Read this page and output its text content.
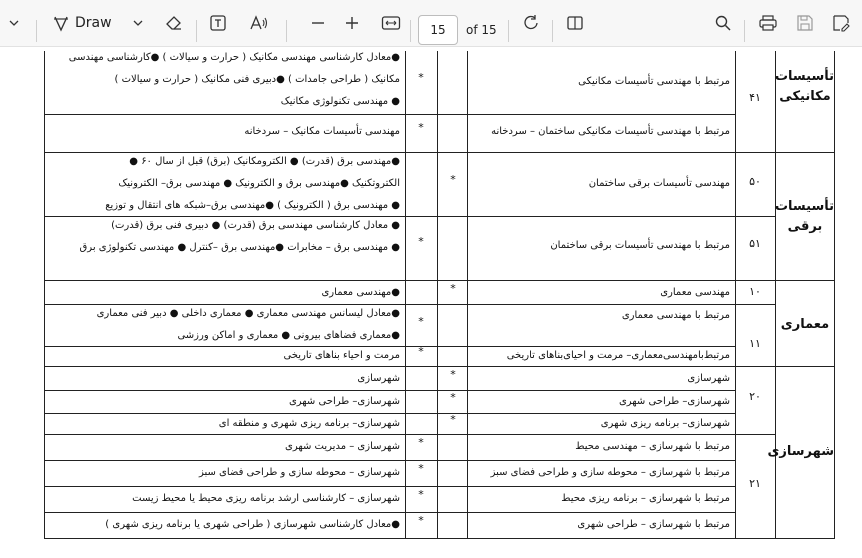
Draw	15	of 15
تأسیسات مکانیکی
۴۱
مرتبط با مهندسی تأسیسات مکانیکی
مرتبط با مهندسی تأسیسات مکانیکی ساختمان – سردخانه
*
*
●معادل کارشناسی مهندسی مکانیک ( حرارت و سیالات ) ●کارشناسی مهندسی
مکانیک ( طراحی جامدات ) ●دبیری فنی مکانیک ( حرارت و سیالات )
● مهندسی تکنولوژی مکانیک
مهندسی تأسیسات مکانیک – سردخانه
تأسیسات برقی
۵۰
مهندسی تأسیسات برقی ساختمان
*
●مهندسی برق (قدرت) ● الکترومکانیک (برق) قبل از سال ۶۰ ●
الکتروتکنیک ●مهندسی برق و الکترونیک ● مهندسی برق– الکترونیک
● مهندسی برق ( الکترونیک ) ●مهندسی برق–شبکه های انتقال و توزیع
۵۱
مرتبط با مهندسی تأسیسات برقی ساختمان
*
● معادل کارشناسی مهندسی برق (قدرت) ● دبیری فنی برق (قدرت)
● مهندسی برق – مخابرات ●مهندسی برق –کنترل ● مهندسی تکنولوژی برق
معماری
۱۰
مهندسی معماری
*
●مهندسی معماری
۱۱
مرتبط با مهندسی معماری
مرتبط‌بامهندسی‌معماری– مرمت و احیای‌بناهای تاریخی
*
*
●معادل لیسانس مهندسی معماری ● معماری داخلی ● دبیر فنی معماری
●معماری فضاهای بیرونی ● معماری و اماکن ورزشی
مرمت و احیاء بناهای تاریخی
شهرسازی
۲۰
شهرسازی
*
شهرسازی
شهرسازی– طراحی شهری
*
شهرسازی– طراحی شهری
شهرسازی– برنامه ریزی شهری
*
شهرسازی– برنامه ریزی شهری و منطقه ای
۲۱
مرتبط با شهرسازی – مهندسی محیط
*
شهرسازی – مدیریت شهری
مرتبط با شهرسازی – محوطه سازی و طراحی فضای سبز
*
شهرسازی – محوطه سازی و طراحی فضای سبز
مرتبط با شهرسازی – برنامه ریزی محیط
*
شهرسازی – کارشناسی ارشد برنامه ریزی محیط یا محیط زیست
مرتبط با شهرسازی – طراحی شهری
*
●معادل کارشناسی شهرسازی ( طراحی شهری یا برنامه ریزی شهری )
